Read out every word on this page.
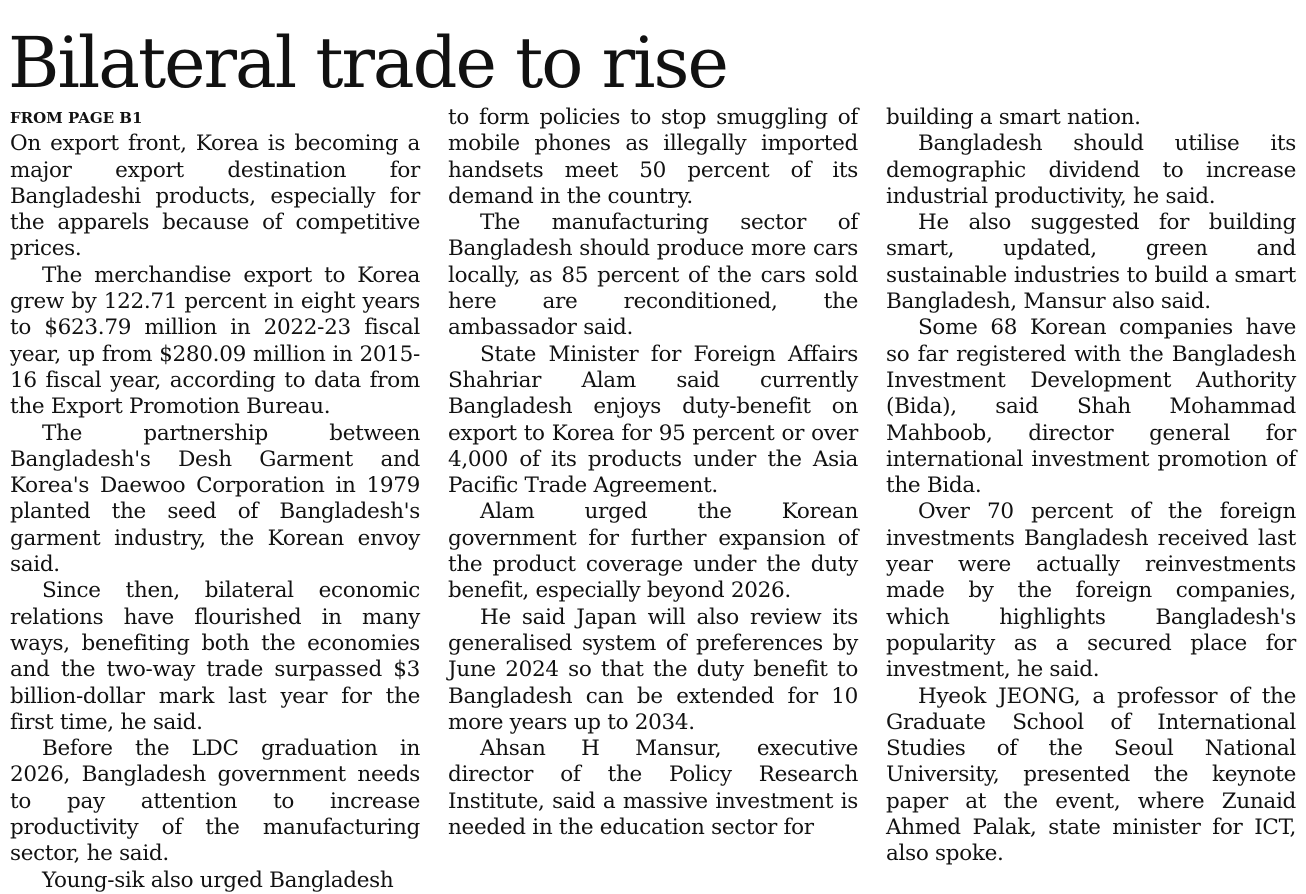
Bilateral trade to rise

FROM PAGE B1

On export front, Korea is becoming a major export destination for Bangladeshi products, especially for the apparels because of competitive prices.

The merchandise export to Korea grew by 122.71 percent in eight years to $623.79 million in 2022-23 fiscal year, up from $280.09 million in 2015-16 fiscal year, according to data from the Export Promotion Bureau.

The partnership between Bangladesh's Desh Garment and Korea's Daewoo Corporation in 1979 planted the seed of Bangladesh's garment industry, the Korean envoy said.

Since then, bilateral economic relations have flourished in many ways, benefiting both the economies and the two-way trade surpassed $3 billion-dollar mark last year for the first time, he said.

Before the LDC graduation in 2026, Bangladesh government needs to pay attention to increase productivity of the manufacturing sector, he said.

Young-sik also urged Bangladesh

to form policies to stop smuggling of mobile phones as illegally imported handsets meet 50 percent of its demand in the country.

The manufacturing sector of Bangladesh should produce more cars locally, as 85 percent of the cars sold here are reconditioned, the ambassador said.

State Minister for Foreign Affairs Shahriar Alam said currently Bangladesh enjoys duty-benefit on export to Korea for 95 percent or over 4,000 of its products under the Asia Pacific Trade Agreement.

Alam urged the Korean government for further expansion of the product coverage under the duty benefit, especially beyond 2026.

He said Japan will also review its generalised system of preferences by June 2024 so that the duty benefit to Bangladesh can be extended for 10 more years up to 2034.

Ahsan H Mansur, executive director of the Policy Research Institute, said a massive investment is needed in the education sector for

building a smart nation.

Bangladesh should utilise its demographic dividend to increase industrial productivity, he said.

He also suggested for building smart, updated, green and sustainable industries to build a smart Bangladesh, Mansur also said.

Some 68 Korean companies have so far registered with the Bangladesh Investment Development Authority (Bida), said Shah Mohammad Mahboob, director general for international investment promotion of the Bida.

Over 70 percent of the foreign investments Bangladesh received last year were actually reinvestments made by the foreign companies, which highlights Bangladesh's popularity as a secured place for investment, he said.

Hyeok JEONG, a professor of the Graduate School of International Studies of the Seoul National University, presented the keynote paper at the event, where Zunaid Ahmed Palak, state minister for ICT, also spoke.
